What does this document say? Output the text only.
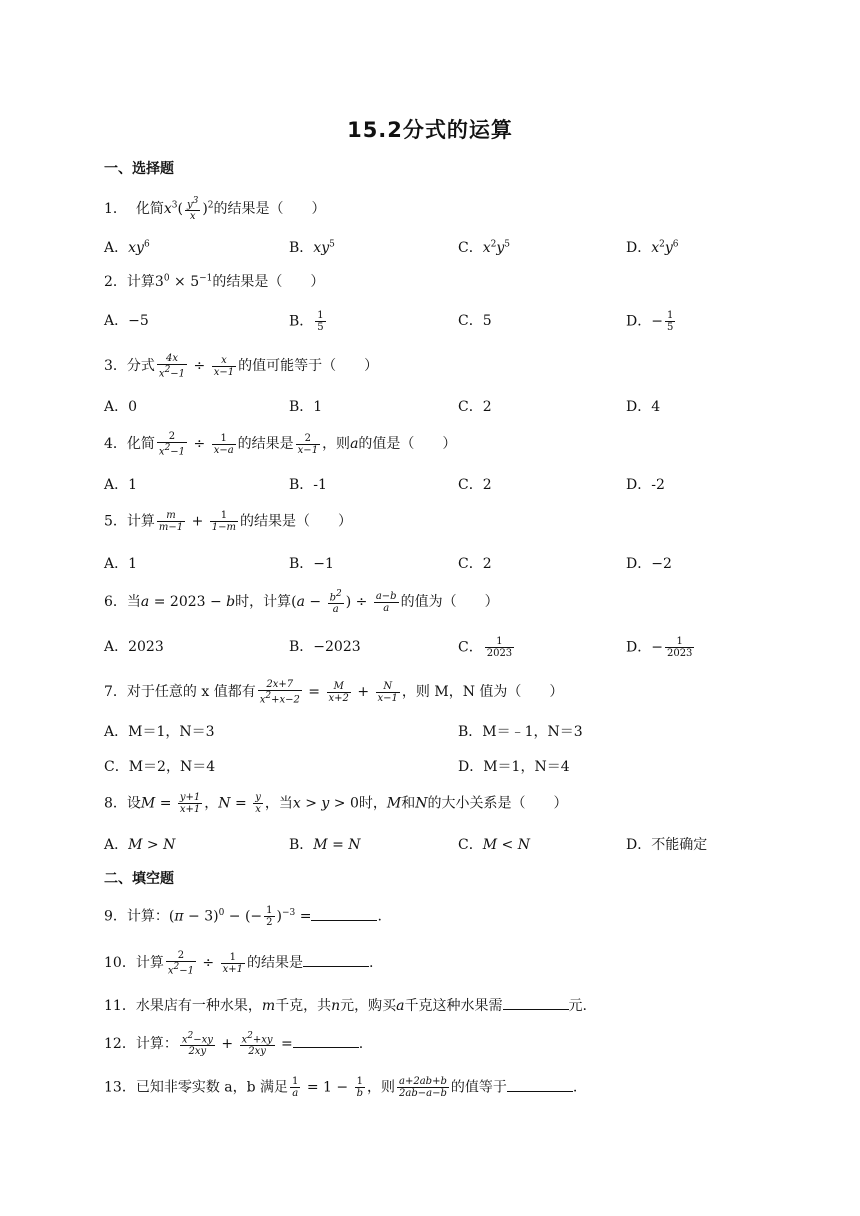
15.2分式的运算
一、选择题
1． 化简$x^3( \frac{y^3}{x} )^2$的结果是（　　）
A．$xy^6$	B．$xy^5$	C．$x^2y^5$	D．$x^2y^6$
2．计算$3^0 \times 5^{-1}$的结果是（　　）
A．−5	B． $\frac{1}{5}$	C．5	D．− $\frac{1}{5}$
3．分式 $\frac{4x}{x^2-1} \div \frac{x}{x-1}$ 的值可能等于（　　）
A．0	B．1	C．2	D．4
4．化简 $\frac{2}{x^2-1} \div \frac{1}{x-a}$ 的结果是 $\frac{2}{x-1}$ ，则a的值是（　　）
A．1	B．-1	C．2	D．-2
5．计算 $\frac{m}{m-1} + \frac{1}{1-m}$ 的结果是（　　）
A．1	B．−1	C．2	D．−2
6．当a = 2023 − b时，计算($a - \frac{b^2}{a}$ ) ÷ $\frac{a-b}{a}$ 的值为（　　）
A．2023	B．−2023	C． $\frac{1}{2023}$	D．− $\frac{1}{2023}$
7．对于任意的 x 值都有 $\frac{2x+7}{x^2+x-2} = \frac{M}{x+2} + \frac{N}{x-1}$ ，则 M，N 值为（　　）
A．M＝1，N＝3	B．M＝﹣1，N＝3
C．M＝2，N＝4	D．M＝1，N＝4
8．设$M = \frac{y+1}{x+1}$ ，$N = \frac{y}{x}$ ，当x > y > 0时，M和N的大小关系是（　　）
A．M > N	B．M = N	C．M < N	D．不能确定
二、填空题
9．计算：$(\pi - 3)^0$ − (− $\frac{1}{2} )^{-3}$ =	.
10．计算 $\frac{2}{x^2-1} \div \frac{1}{x+1}$ 的结果是	.
11．水果店有一种水果，m千克，共n元，购买a千克这种水果需	元.
12．计算： $\frac{x^2-xy}{2xy} + \frac{x^2+xy}{2xy}$ =	.
13．已知非零实数 a，b 满足 $\frac{1}{a} = 1 - \frac{1}{b}$ ，则 $\frac{a+2ab+b}{2ab-a-b}$ 的值等于	.
